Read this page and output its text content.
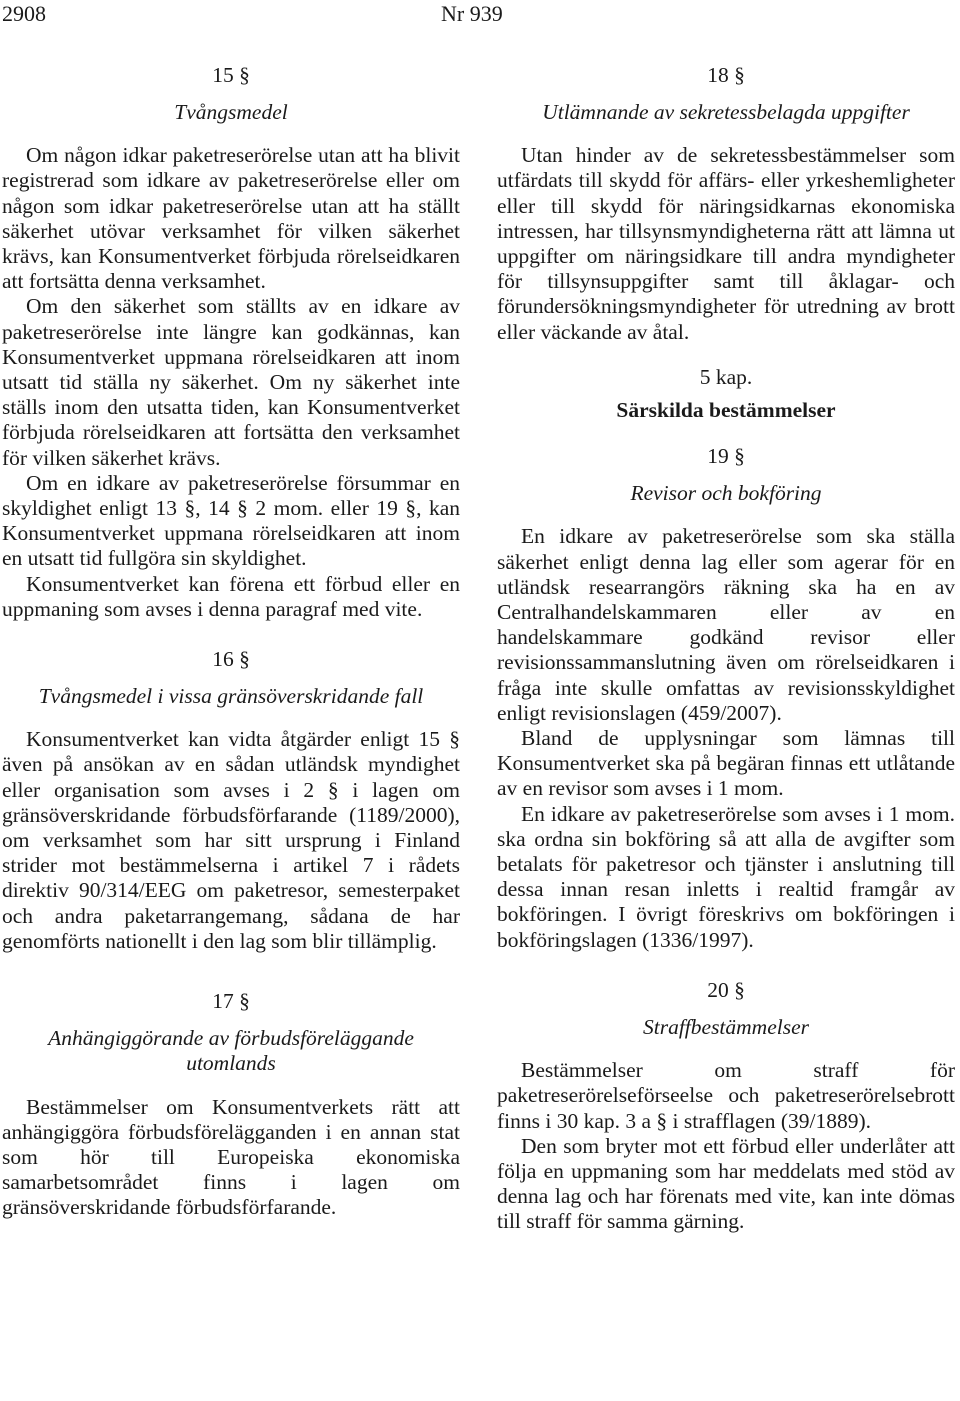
2908	Nr 939

15 §

Tvångsmedel

Om någon idkar paketreserörelse utan att ha blivit registrerad som idkare av paketreserörelse eller om någon som idkar paketreserörelse utan att ha ställt säkerhet utövar verksamhet för vilken säkerhet krävs, kan Konsumentverket förbjuda rörelseidkaren att fortsätta denna verksamhet.

Om den säkerhet som ställts av en idkare av paketreserörelse inte längre kan godkännas, kan Konsumentverket uppmana rörelseidkaren att inom utsatt tid ställa ny säkerhet. Om ny säkerhet inte ställs inom den utsatta tiden, kan Konsumentverket förbjuda rörelseidkaren att fortsätta den verksamhet för vilken säkerhet krävs.

Om en idkare av paketreserörelse försummar en skyldighet enligt 13 §, 14 § 2 mom. eller 19 §, kan Konsumentverket uppmana rörelseidkaren att inom en utsatt tid fullgöra sin skyldighet.

Konsumentverket kan förena ett förbud eller en uppmaning som avses i denna paragraf med vite.

16 §

Tvångsmedel i vissa gränsöverskridande fall

Konsumentverket kan vidta åtgärder enligt 15 § även på ansökan av en sådan utländsk myndighet eller organisation som avses i 2 § i lagen om gränsöverskridande förbudsförfarande (1189/2000), om verksamhet som har sitt ursprung i Finland strider mot bestämmelserna i artikel 7 i rådets direktiv 90/314/EEG om paketresor, semesterpaket och andra paketarrangemang, sådana de har genomförts nationellt i den lag som blir tillämplig.

17 §

Anhängiggörande av förbudsföreläggande utomlands

Bestämmelser om Konsumentverkets rätt att anhängiggöra förbudsförelägganden i en annan stat som hör till Europeiska ekonomiska samarbetsområdet finns i lagen om gränsöverskridande förbudsförfarande.

18 §

Utlämnande av sekretessbelagda uppgifter

Utan hinder av de sekretessbestämmelser som utfärdats till skydd för affärs- eller yrkeshemligheter eller till skydd för näringsidkarnas ekonomiska intressen, har tillsynsmyndigheterna rätt att lämna ut uppgifter om näringsidkare till andra myndigheter för tillsynsuppgifter samt till åklagar- och förundersökningsmyndigheter för utredning av brott eller väckande av åtal.

5 kap.

Särskilda bestämmelser

19 §

Revisor och bokföring

En idkare av paketreserörelse som ska ställa säkerhet enligt denna lag eller som agerar för en utländsk researrangörs räkning ska ha en av Centralhandelskammaren eller av en handelskammare godkänd revisor eller revisionssammanslutning även om rörelseidkaren i fråga inte skulle omfattas av revisionsskyldighet enligt revisionslagen (459/2007).

Bland de upplysningar som lämnas till Konsumentverket ska på begäran finnas ett utlåtande av en revisor som avses i 1 mom.

En idkare av paketreserörelse som avses i 1 mom. ska ordna sin bokföring så att alla de avgifter som betalats för paketresor och tjänster i anslutning till dessa innan resan inletts i realtid framgår av bokföringen. I övrigt föreskrivs om bokföringen i bokföringslagen (1336/1997).

20 §

Straffbestämmelser

Bestämmelser om straff för paketreserörelseförseelse och paketreserörelsebrott finns i 30 kap. 3 a § i strafflagen (39/1889).

Den som bryter mot ett förbud eller underlåter att följa en uppmaning som har meddelats med stöd av denna lag och har förenats med vite, kan inte dömas till straff för samma gärning.
